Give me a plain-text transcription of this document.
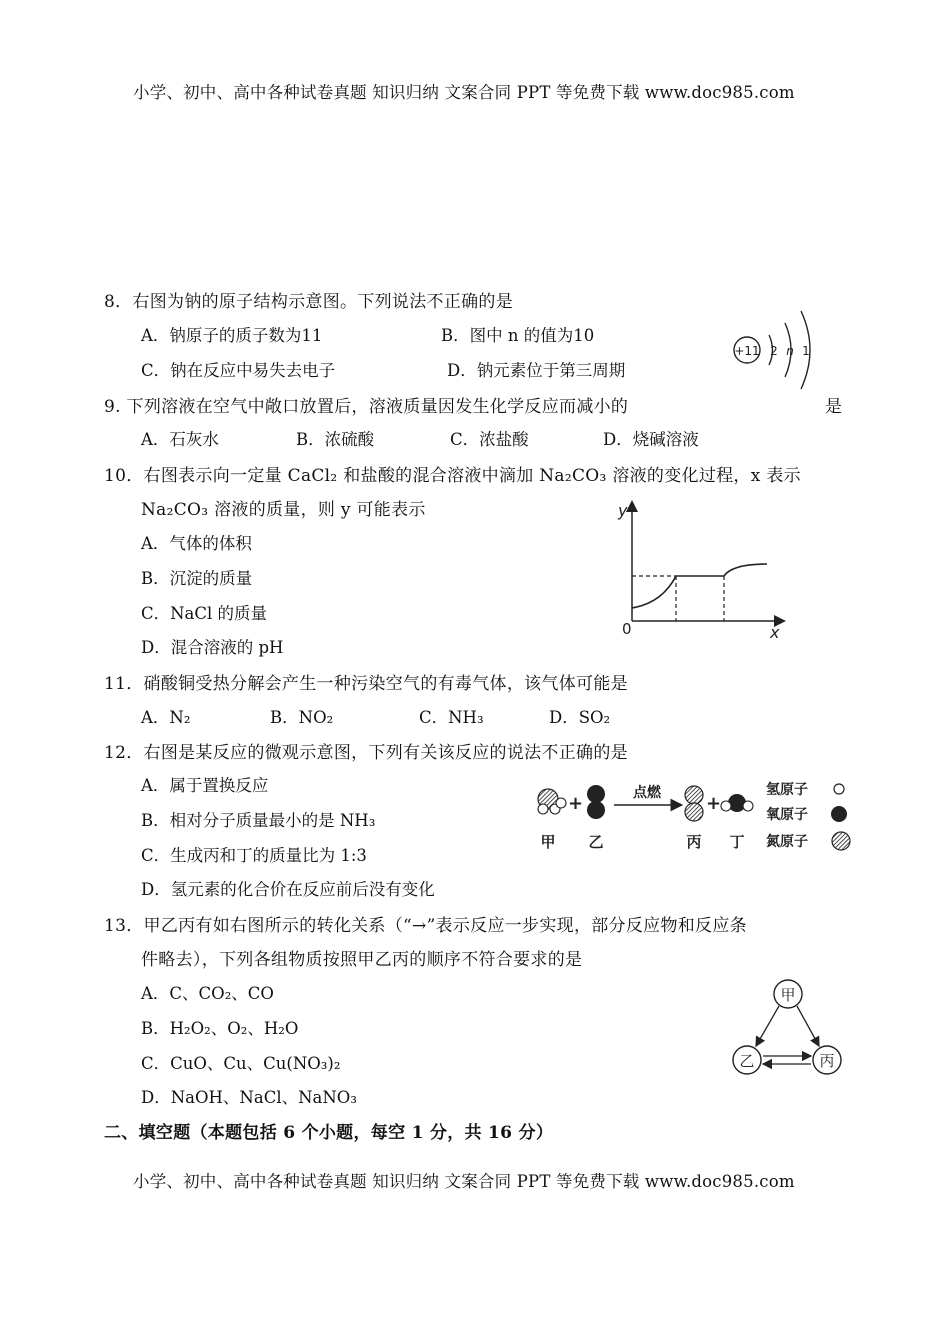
小学、初中、高中各种试卷真题 知识归纳 文案合同 PPT 等免费下载 www.doc985.com
8．右图为钠的原子结构示意图。下列说法不正确的是
A．钠原子的质子数为11	B．图中 n 的值为10
C．钠在反应中易失去电子	D．钠元素位于第三周期
+11 2 n 1
9. 下列溶液在空气中敞口放置后，溶液质量因发生化学反应而减小的	是
A．石灰水	B．浓硫酸	C．浓盐酸	D．烧碱溶液
10．右图表示向一定量 CaCl₂ 和盐酸的混合溶液中滴加 Na₂CO₃ 溶液的变化过程，x 表示
Na₂CO₃ 溶液的质量，则 y 可能表示
A．气体的体积
B．沉淀的质量
C．NaCl 的质量
D．混合溶液的 pH
y
x
0
11．硝酸铜受热分解会产生一种污染空气的有毒气体，该气体可能是
A．N₂	B．NO₂	C．NH₃	D．SO₂
12．右图是某反应的微观示意图，下列有关该反应的说法不正确的是
A．属于置换反应
B．相对分子质量最小的是 NH₃
C．生成丙和丁的质量比为 1:3
D．氢元素的化合价在反应前后没有变化
+	点燃	+
甲 乙	丙 丁
氢原子
氧原子
氮原子
13．甲乙丙有如右图所示的转化关系（“→”表示反应一步实现，部分反应物和反应条
件略去），下列各组物质按照甲乙丙的顺序不符合要求的是
A．C、CO₂、CO
B．H₂O₂、O₂、H₂O
C．CuO、Cu、Cu(NO₃)₂
D．NaOH、NaCl、NaNO₃
甲
乙	丙
二、填空题（本题包括 6 个小题，每空 1 分，共 16 分）
小学、初中、高中各种试卷真题 知识归纳 文案合同 PPT 等免费下载 www.doc985.com
